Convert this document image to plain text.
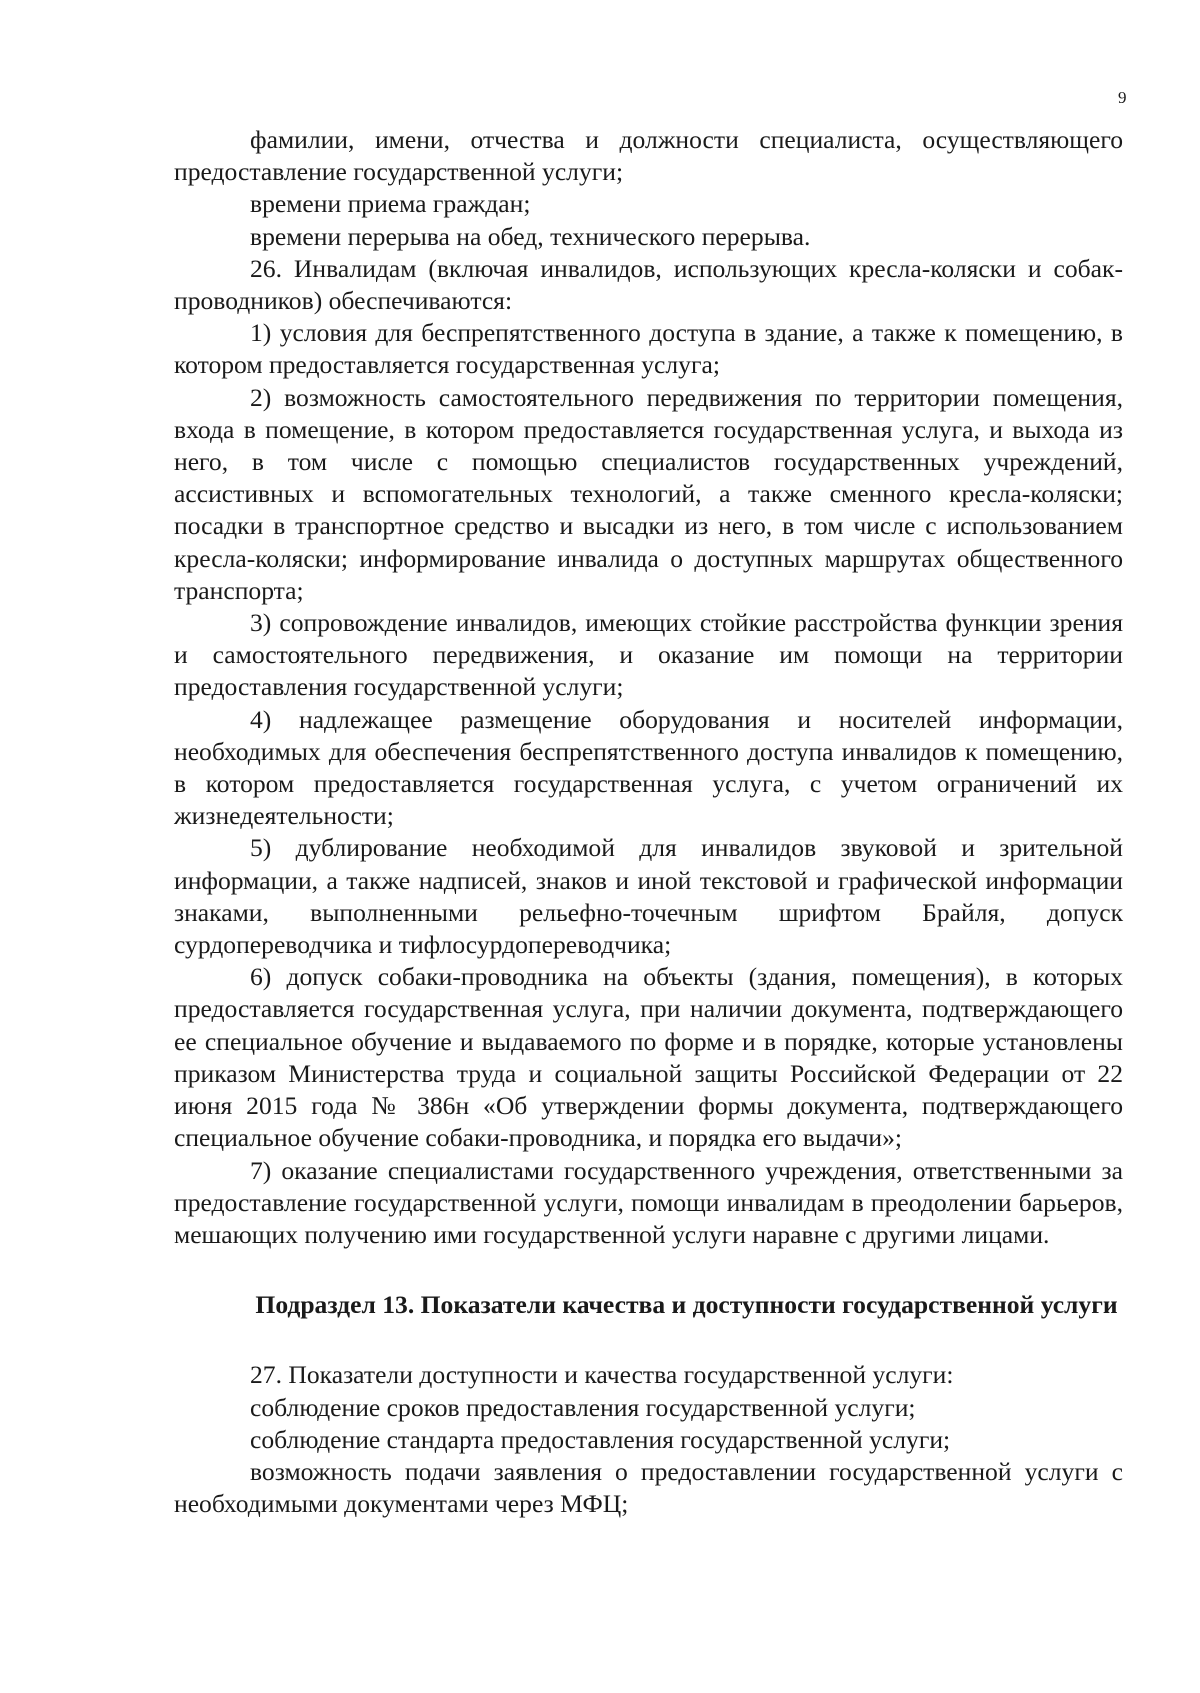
9

фамилии, имени, отчества и должности специалиста, осуществляющего предоставление государственной услуги;

времени приема граждан;

времени перерыва на обед, технического перерыва.

26. Инвалидам (включая инвалидов, использующих кресла-коляски и собак-проводников) обеспечиваются:

1) условия для беспрепятственного доступа в здание, а также к помещению, в котором предоставляется государственная услуга;

2) возможность самостоятельного передвижения по территории помещения, входа в помещение, в котором предоставляется государственная услуга, и выхода из него, в том числе с помощью специалистов государственных учреждений, ассистивных и вспомогательных технологий, а также сменного кресла-коляски; посадки в транспортное средство и высадки из него, в том числе с использованием кресла-коляски; информирование инвалида о доступных маршрутах общественного транспорта;

3) сопровождение инвалидов, имеющих стойкие расстройства функции зрения и самостоятельного передвижения, и оказание им помощи на территории предоставления государственной услуги;

4) надлежащее размещение оборудования и носителей информации, необходимых для обеспечения беспрепятственного доступа инвалидов к помещению, в котором предоставляется государственная услуга, с учетом ограничений их жизнедеятельности;

5) дублирование необходимой для инвалидов звуковой и зрительной информации, а также надписей, знаков и иной текстовой и графической информации знаками, выполненными рельефно-точечным шрифтом Брайля, допуск сурдопереводчика и тифлосурдопереводчика;

6) допуск собаки-проводника на объекты (здания, помещения), в которых предоставляется государственная услуга, при наличии документа, подтверждающего ее специальное обучение и выдаваемого по форме и в порядке, которые установлены приказом Министерства труда и социальной защиты Российской Федерации от 22 июня 2015 года № 386н «Об утверждении формы документа, подтверждающего специальное обучение собаки-проводника, и порядка его выдачи»;

7) оказание специалистами государственного учреждения, ответственными за предоставление государственной услуги, помощи инвалидам в преодолении барьеров, мешающих получению ими государственной услуги наравне с другими лицами.

Подраздел 13. Показатели качества и доступности государственной услуги

27. Показатели доступности и качества государственной услуги:

соблюдение сроков предоставления государственной услуги;

соблюдение стандарта предоставления государственной услуги;

возможность подачи заявления о предоставлении государственной услуги с необходимыми документами через МФЦ;
